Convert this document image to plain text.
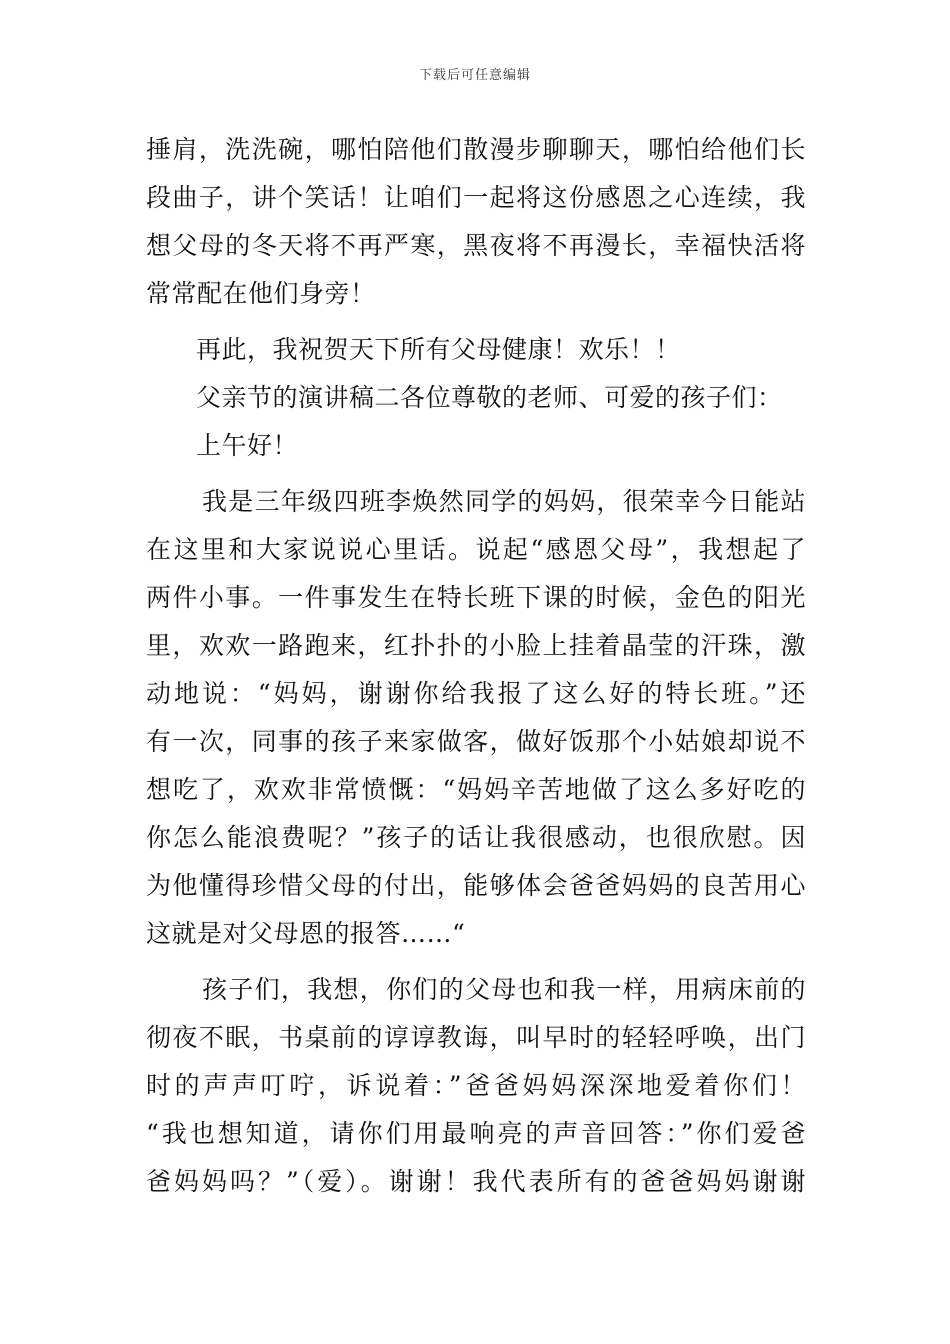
下载后可任意编辑
捶肩，洗洗碗，哪怕陪他们散漫步聊聊天，哪怕给他们长
段曲子，讲个笑话！让咱们一起将这份感恩之心连续，我
想父母的冬天将不再严寒，黑夜将不再漫长，幸福快活将
常常配在他们身旁！
再此，我祝贺天下所有父母健康！欢乐！！
父亲节的演讲稿二各位尊敬的老师、可爱的孩子们：
上午好！
我是三年级四班李焕然同学的妈妈，很荣幸今日能站
在这里和大家说说心里话。说起“感恩父母”，我想起了
两件小事。一件事发生在特长班下课的时候，金色的阳光
里，欢欢一路跑来，红扑扑的小脸上挂着晶莹的汗珠，激
动地说：“妈妈，谢谢你给我报了这么好的特长班。”还
有一次，同事的孩子来家做客，做好饭那个小姑娘却说不
想吃了，欢欢非常愤慨：“妈妈辛苦地做了这么多好吃的
你怎么能浪费呢？”孩子的话让我很感动，也很欣慰。因
为他懂得珍惜父母的付出，能够体会爸爸妈妈的良苦用心
这就是对父母恩的报答……“
孩子们，我想，你们的父母也和我一样，用病床前的
彻夜不眠，书桌前的谆谆教诲，叫早时的轻轻呼唤，出门
时的声声叮咛，诉说着：”爸爸妈妈深深地爱着你们！
“我也想知道，请你们用最响亮的声音回答：”你们爱爸
爸妈妈吗？”（爱）。谢谢！我代表所有的爸爸妈妈谢谢
